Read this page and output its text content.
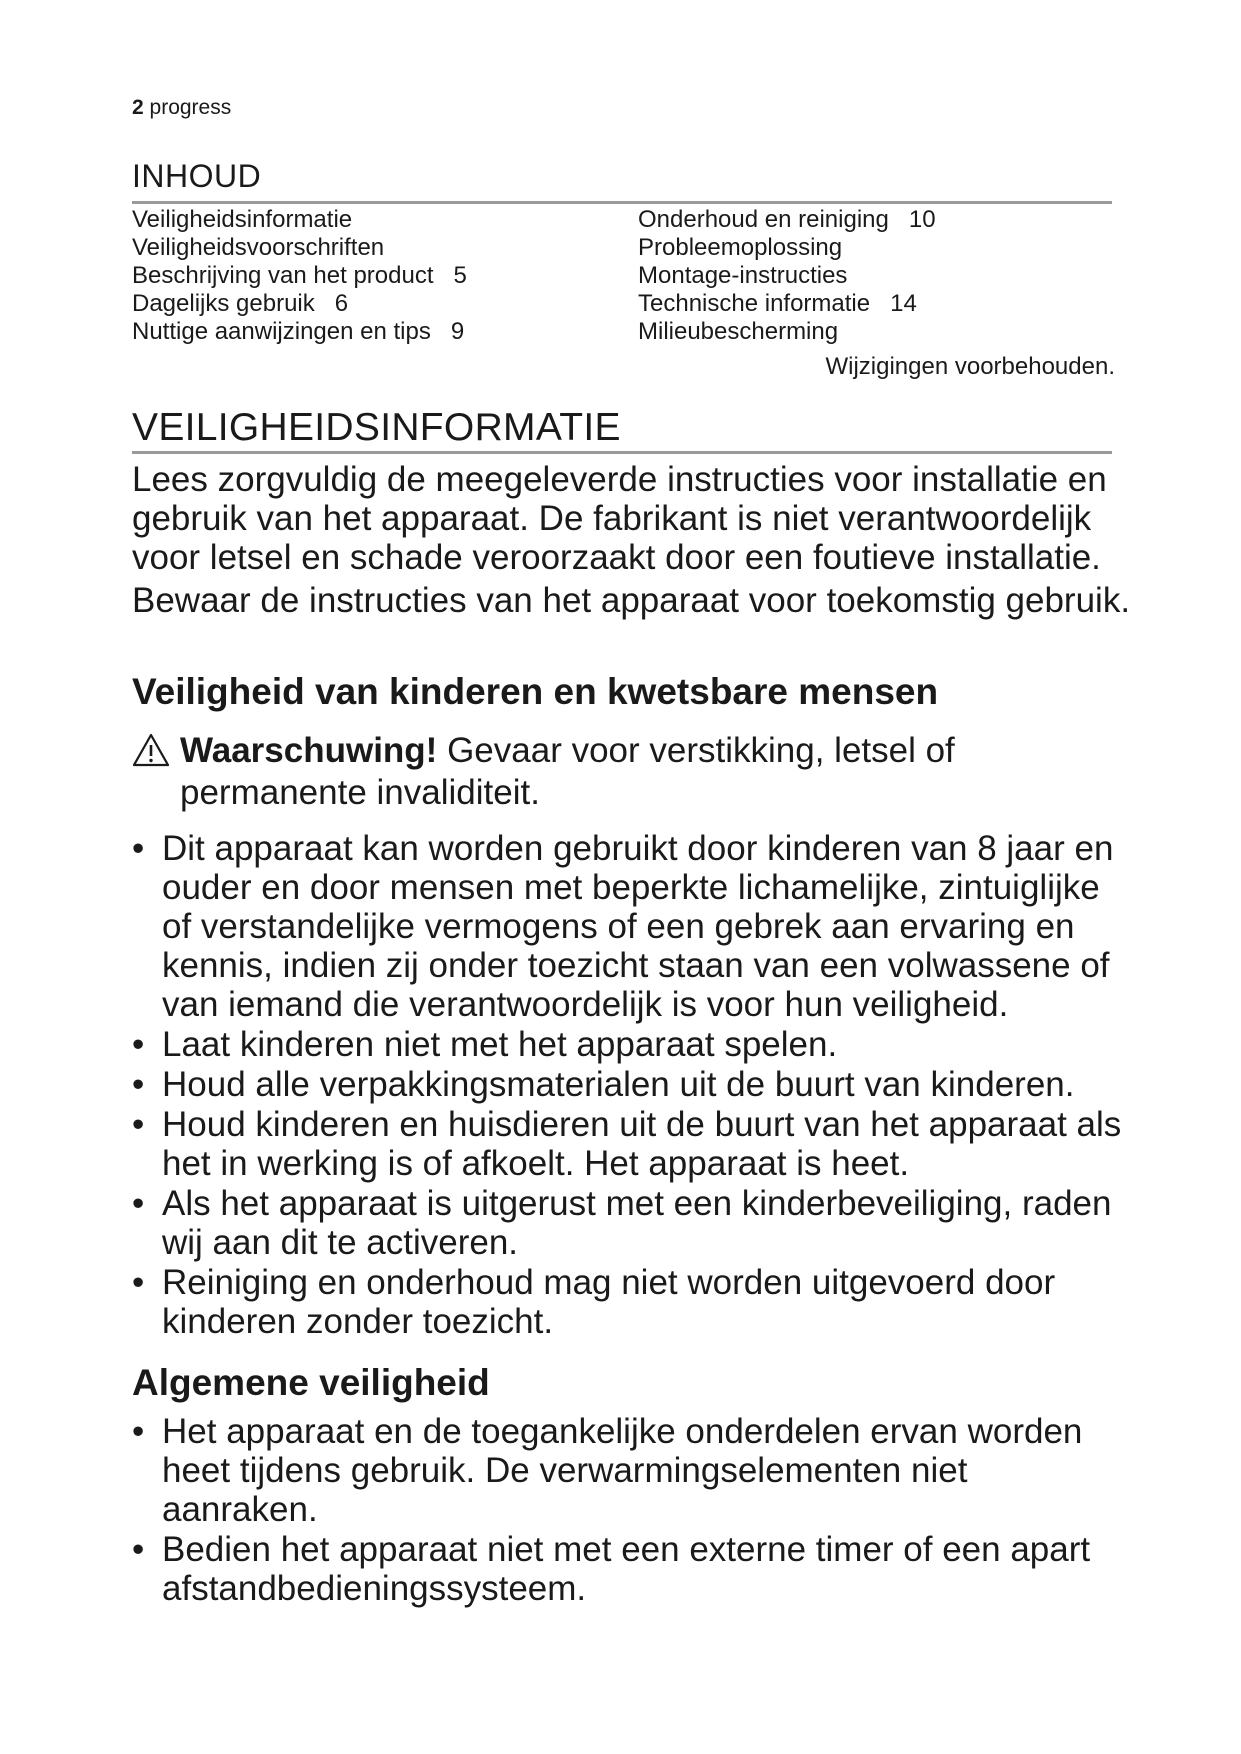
2 progress
INHOUD
Veiligheidsinformatie
Veiligheidsvoorschriften
Beschrijving van het product 5
Dagelijks gebruik 6
Nuttige aanwijzingen en tips 9
Onderhoud en reiniging 10
Probleemoplossing
Montage-instructies
Technische informatie 14
Milieubescherming
Wijzigingen voorbehouden.
VEILIGHEIDSINFORMATIE

Lees zorgvuldig de meegeleverde instructies voor installatie en gebruik van het apparaat. De fabrikant is niet verantwoordelijk voor letsel en schade veroorzaakt door een foutieve installatie.

Bewaar de instructies van het apparaat voor toekomstig gebruik.

Veiligheid van kinderen en kwetsbare mensen
Waarschuwing! Gevaar voor verstikking, letsel of permanente invaliditeit.
• Dit apparaat kan worden gebruikt door kinderen van 8 jaar en ouder en door mensen met beperkte lichamelijke, zintuiglijke of verstandelijke vermogens of een gebrek aan ervaring en kennis, indien zij onder toezicht staan van een volwassene of van iemand die verantwoordelijk is voor hun veiligheid.
• Laat kinderen niet met het apparaat spelen.
• Houd alle verpakkingsmaterialen uit de buurt van kinderen.
• Houd kinderen en huisdieren uit de buurt van het apparaat als het in werking is of afkoelt. Het apparaat is heet.
• Als het apparaat is uitgerust met een kinderbeveiliging, raden wij aan dit te activeren.
• Reiniging en onderhoud mag niet worden uitgevoerd door kinderen zonder toezicht.
Algemene veiligheid
• Het apparaat en de toegankelijke onderdelen ervan worden heet tijdens gebruik. De verwarmingselementen niet aanraken.
• Bedien het apparaat niet met een externe timer of een apart afstandbedieningssysteem.
